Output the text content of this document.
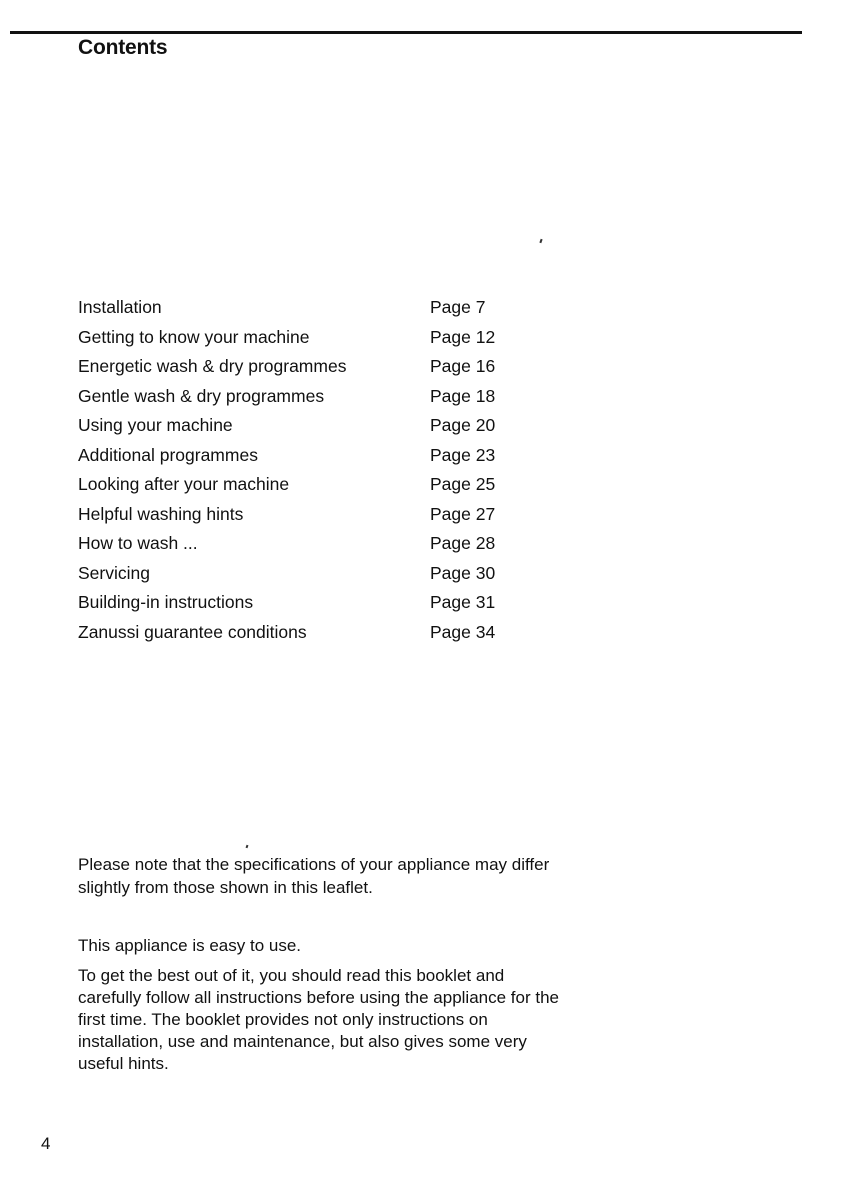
Contents
Installation	Page 7
Getting to know your machine	Page 12
Energetic wash & dry programmes	Page 16
Gentle wash & dry programmes	Page 18
Using your machine	Page 20
Additional programmes	Page 23
Looking after your machine	Page 25
Helpful washing hints	Page 27
How to wash ...	Page 28
Servicing	Page 30
Building-in instructions	Page 31
Zanussi guarantee conditions	Page 34

Please note that the specifications of your appliance may differ slightly from those shown in this leaflet.

This appliance is easy to use.

To get the best out of it, you should read this booklet and carefully follow all instructions before using the appliance for the first time. The booklet provides not only instructions on installation, use and maintenance, but also gives some very useful hints.

4
